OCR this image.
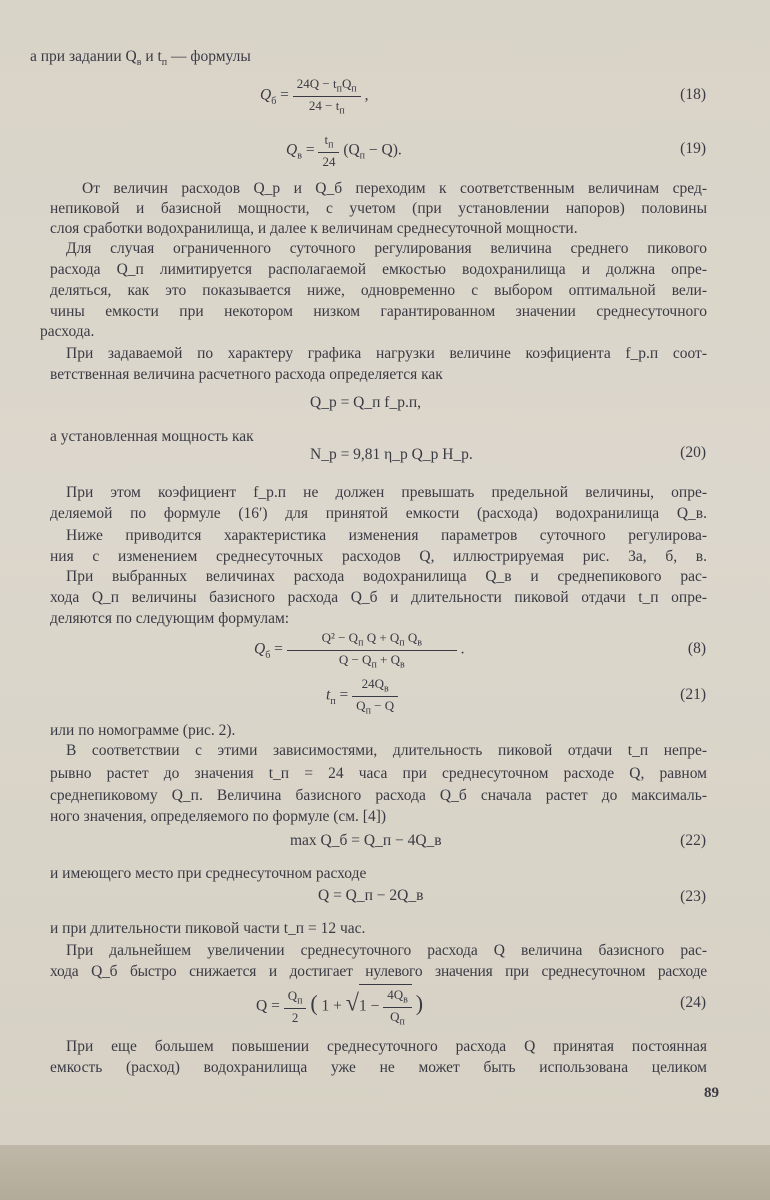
а при задании $Q_в$ и $t_п$ — формулы
$Q_б = \frac{24Q - t_пQ_п}{24 - t_п}$ ,	(18)
$Q_в = \frac{t_п}{24} (Q_п - Q)$.	(19)
От величин расходов Q_p и Q_б переходим к соответственным величинам сред-
непиковой и базисной мощности, с учетом (при установлении напоров) половины
слоя сработки водохранилища, и далее к величинам среднесуточной мощности.
Для случая ограниченного суточного регулирования величина среднего пикового
расхода Q_п лимитируется располагаемой емкостью водохранилища и должна опре-
деляться, как это показывается ниже, одновременно с выбором оптимальной вели-
чины емкости при некотором низком гарантированном значении среднесуточного
расхода.
При задаваемой по характеру графика нагрузки величине коэфициента f_р.п соот-
ветственная величина расчетного расхода определяется как
Q_p = Q_п f_р.п,
а установленная мощность как
N_p = 9,81 η_p Q_p H_p.	(20)
При этом коэфициент f_р.п не должен превышать предельной величины, опре-
деляемой по формуле (16′) для принятой емкости (расхода) водохранилища Q_в.
Ниже приводится характеристика изменения параметров суточного регулирова-
ния с изменением среднесуточных расходов Q, иллюстрируемая рис. 3а, б, в.
При выбранных величинах расхода водохранилища Q_в и среднепикового рас-
хода Q_п величины базисного расхода Q_б и длительности пиковой отдачи t_п опре-
деляются по следующим формулам:
$Q_б = \frac{Q^2 - Q_п Q + Q_п Q_в}{Q - Q_п + Q_в}$ .	(8)
$t_п = \frac{24Q_в}{Q_п - Q}$	(21)
или по номограмме (рис. 2).
В соответствии с этими зависимостями, длительность пиковой отдачи t_п непре-
рывно растет до значения t_п = 24 часа при среднесуточном расходе Q, равном
среднепиковому Q_п. Величина базисного расхода Q_б сначала растет до максималь-
ного значения, определяемого по формуле (см. [4])
max Q_б = Q_п − 4Q_в	(22)
и имеющего место при среднесуточном расходе
Q = Q_п − 2Q_в	(23)
и при длительности пиковой части t_п = 12 час.
При дальнейшем увеличении среднесуточного расхода Q величина базисного рас-
хода Q_б быстро снижается и достигает нулевого значения при среднесуточном расходе
$Q = \frac{Q_п}{2}$ ( $1 + √1 - \frac{4Q_в}{Q_п}$ )	(24)
При еще большем повышении среднесуточного расхода Q принятая постоянная
емкость (расход) водохранилища уже не может быть использована целиком
89
